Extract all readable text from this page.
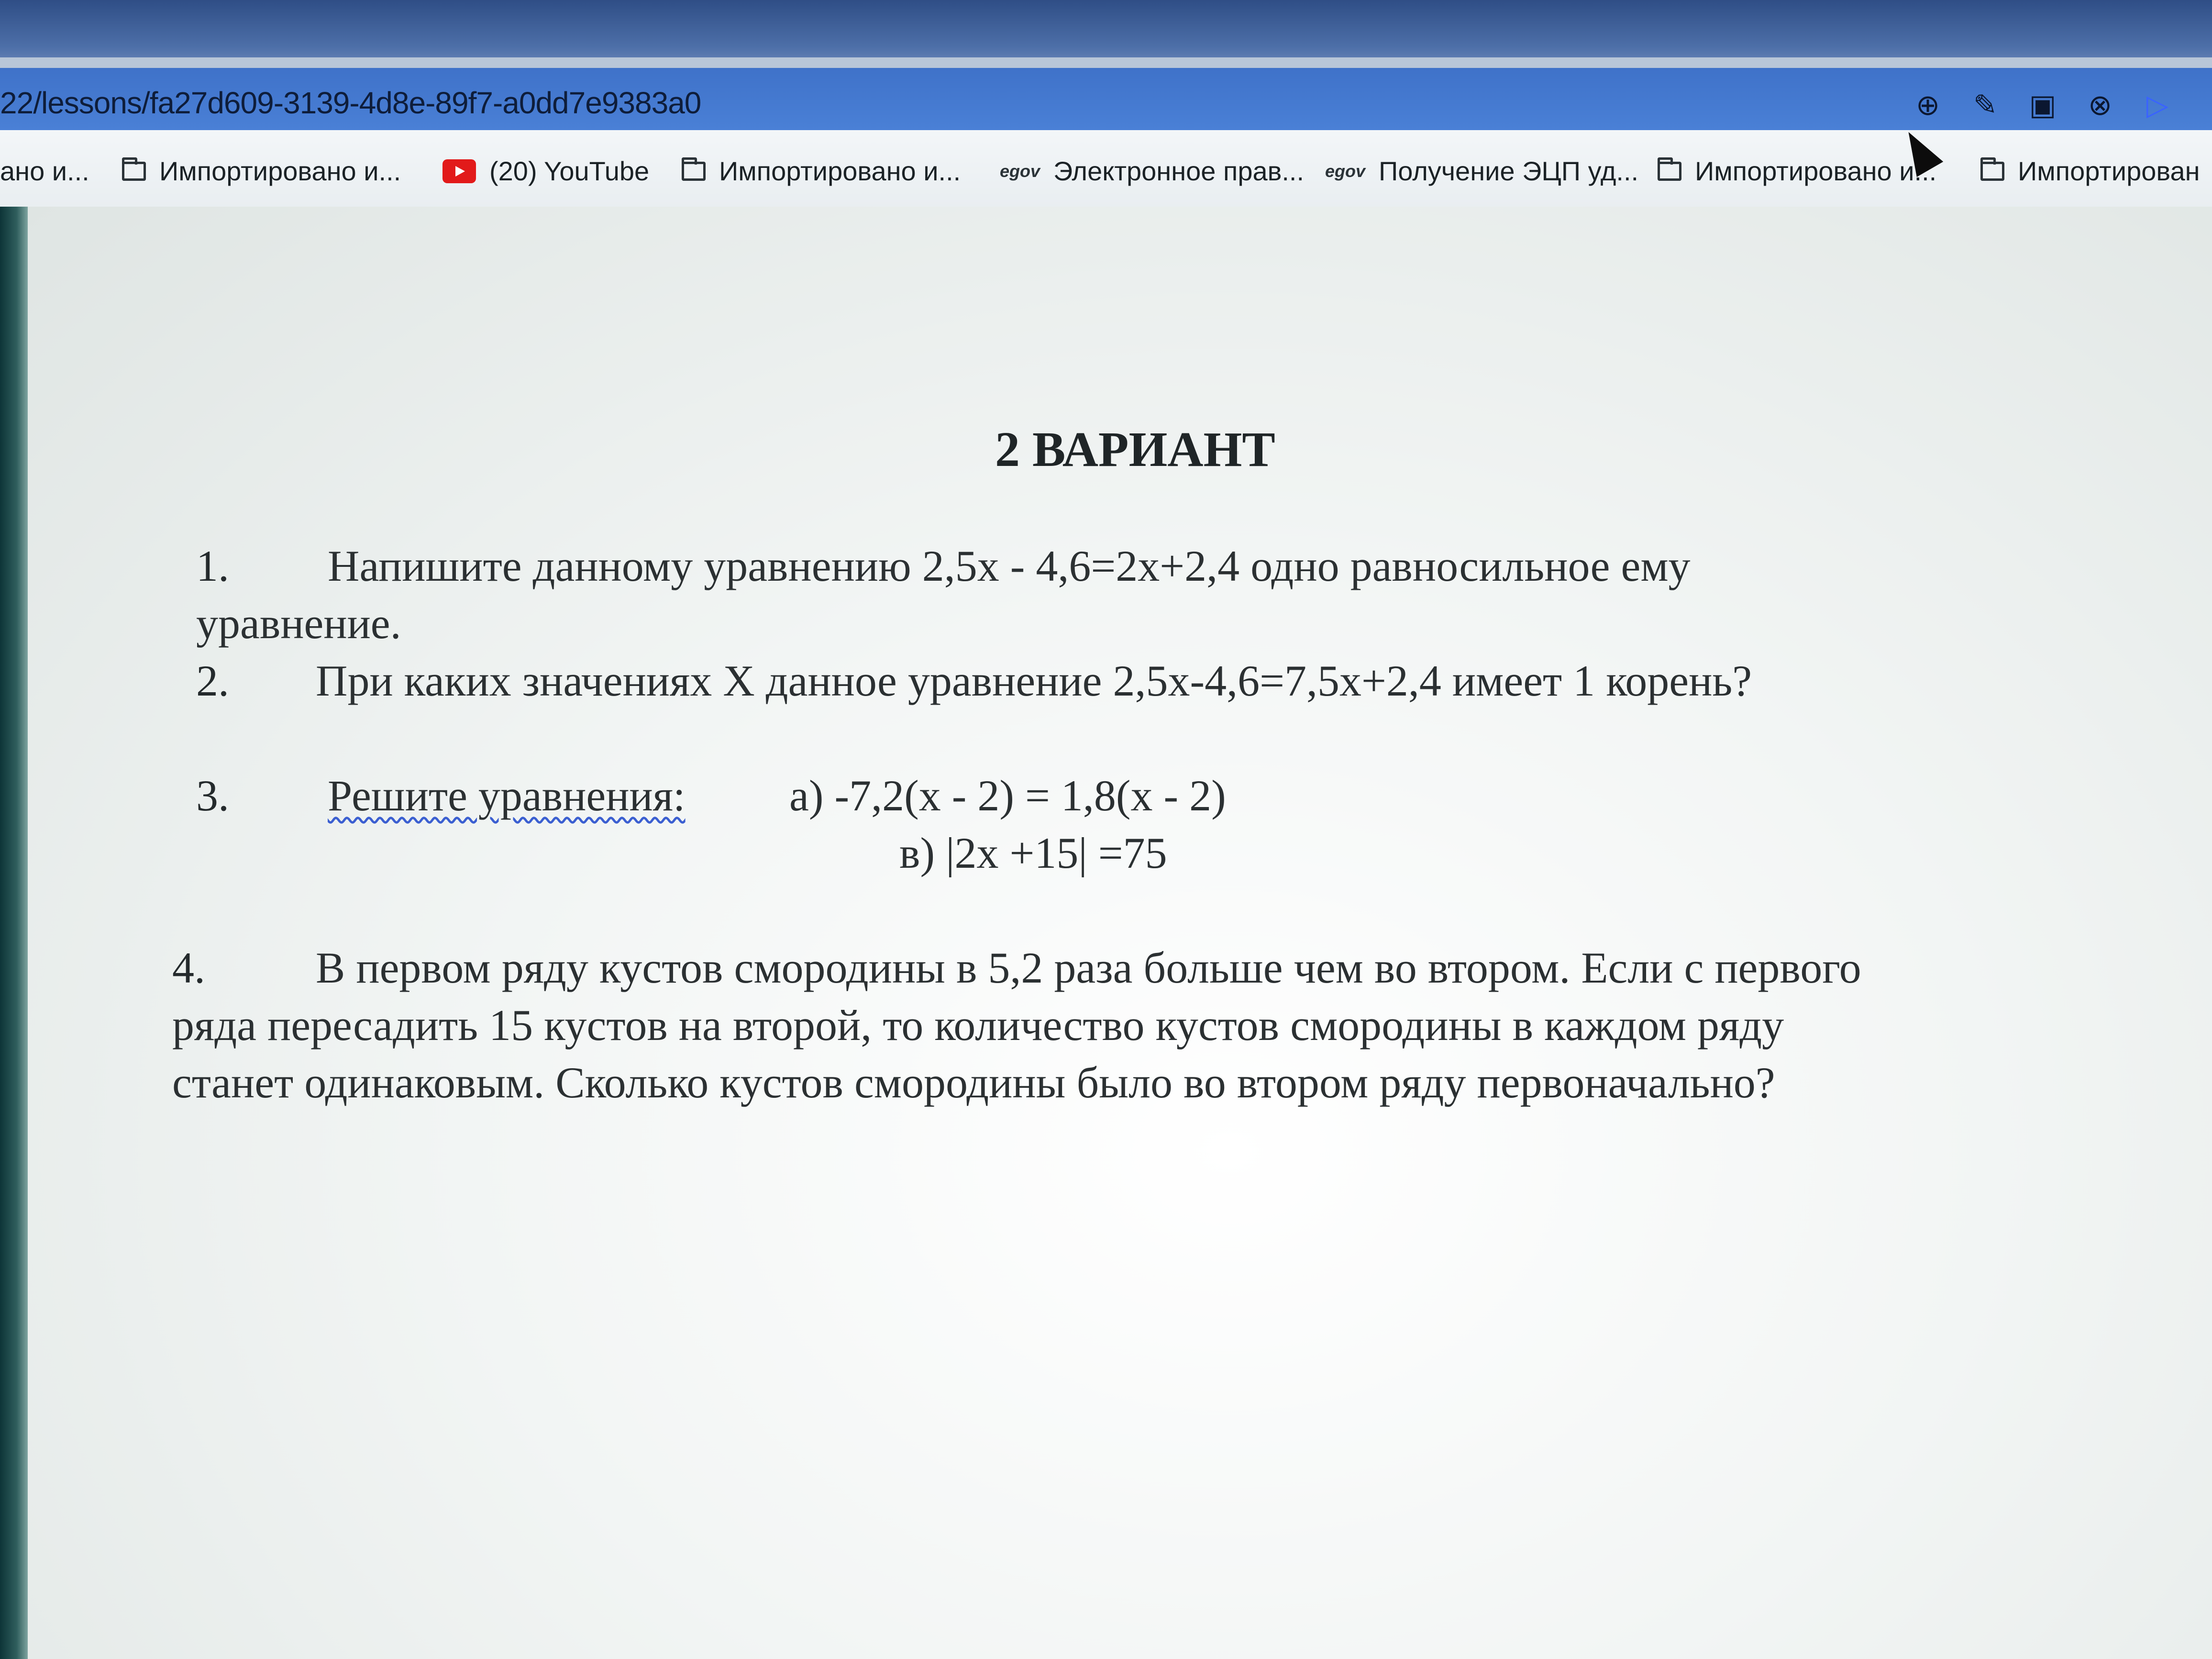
22/lessons/fa27d609-3139-4d8e-89f7-a0dd7e9383a0	⊕ ✎ ▣ ⊗ ▷
ано и...	Импортировано и...	(20) YouTube	Импортировано и... egov Электронное прав... egov Получение ЭЦП уд... Импортировано и...	Импортирован
2 ВАРИАНТ
1. Напишите данному уравнению 2,5х - 4,6=2х+2,4 одно равносильное ему
уравнение.
2. При каких значениях Х данное уравнение 2,5х-4,6=7,5х+2,4 имеет 1 корень?
3. Решите уравнения: а) -7,2(х - 2) = 1,8(х - 2)
в) |2х +15| =75
4.	В первом ряду кустов смородины в 5,2 раза больше чем во втором. Если с первого
ряда пересадить 15 кустов на второй, то количество кустов смородины в каждом ряду
станет одинаковым. Сколько кустов смородины было во втором ряду первоначально?
